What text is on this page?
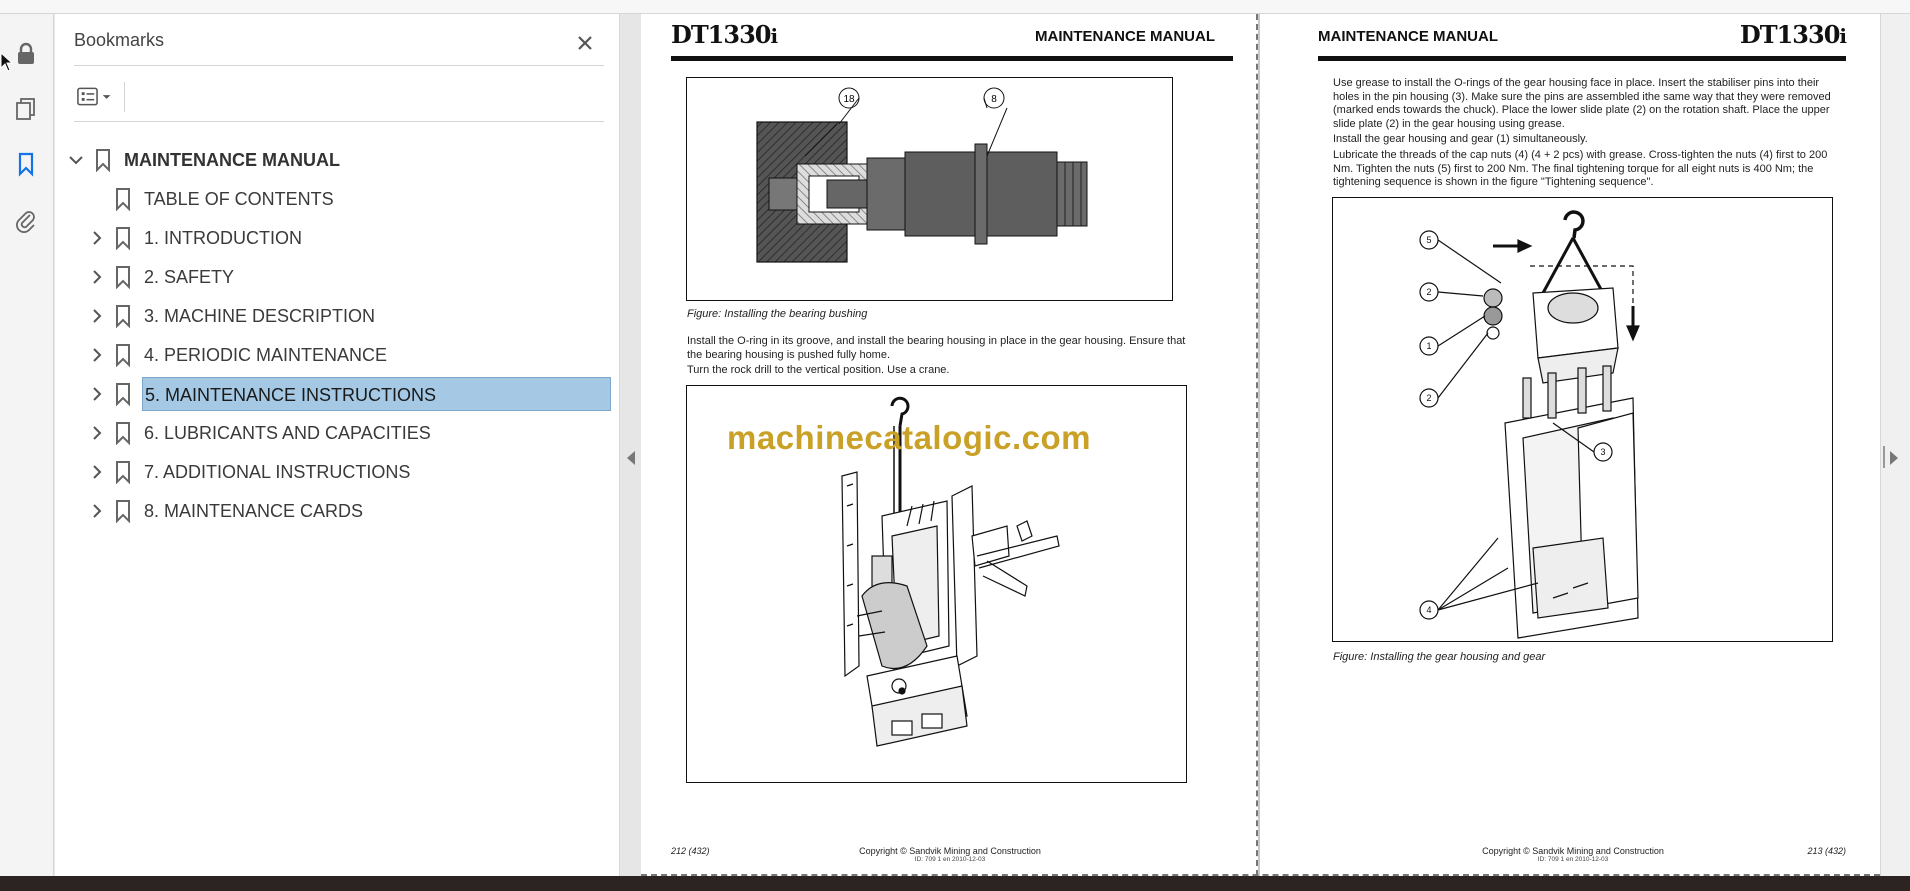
Bookmarks
MAINTENANCE MANUAL
TABLE OF CONTENTS
1. INTRODUCTION
2. SAFETY
3. MACHINE DESCRIPTION
4. PERIODIC MAINTENANCE
5. MAINTENANCE INSTRUCTIONS
6. LUBRICANTS AND CAPACITIES
7. ADDITIONAL INSTRUCTIONS
8. MAINTENANCE CARDS
DT1330i	MAINTENANCE MANUAL
18	8
Figure: Installing the bearing bushing

Install the O-ring in its groove, and install the bearing housing in place in the gear housing. Ensure that the bearing housing is pushed fully home.

Turn the rock drill to the vertical position. Use a crane.

machinecatalogic.com
212 (432)	Copyright © Sandvik Mining and Construction
ID: 709 1 en 2010-12-03
MAINTENANCE MANUAL	DT1330i

Use grease to install the O-rings of the gear housing face in place. Insert the stabiliser pins into their holes in the pin housing (3). Make sure the pins are assembled ithe same way that they were removed (marked ends towards the chuck). Place the lower slide plate (2) on the rotation shaft. Place the upper slide plate (2) in the gear housing using grease.

Install the gear housing and gear (1) simultaneously.

Lubricate the threads of the cap nuts (4) (4 + 2 pcs) with grease. Cross-tighten the nuts (4) first to 200 Nm. Tighten the nuts (5) first to 200 Nm. The final tightening torque for all eight nuts is 400 Nm; the tightening sequence is shown in the figure "Tightening sequence".

5
2
1
2
3
4
Figure: Installing the gear housing and gear
Copyright © Sandvik Mining and Construction
ID: 709 1 en 2010-12-03
213 (432)
